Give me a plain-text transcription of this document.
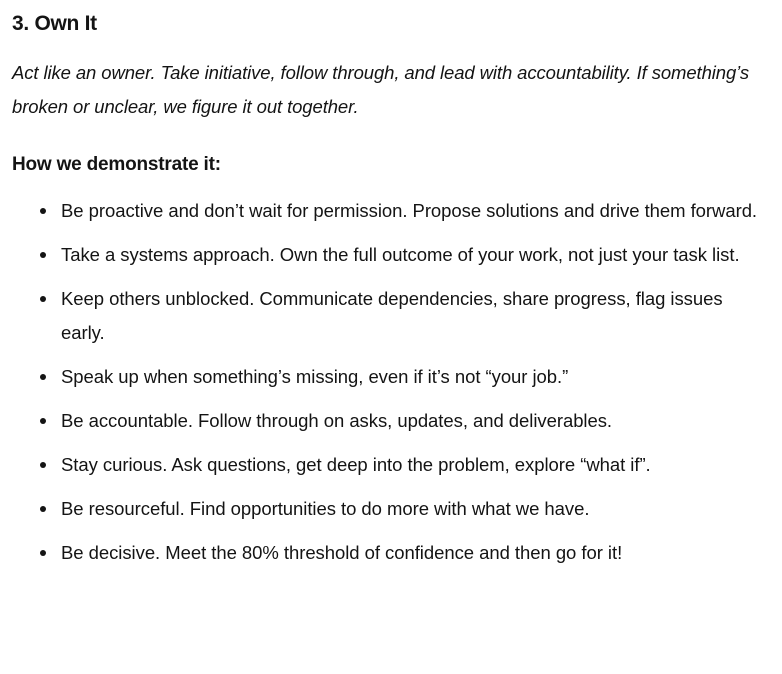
3. Own It

Act like an owner. Take initiative, follow through, and lead with accountability. If something’s broken or unclear, we figure it out together.

How we demonstrate it:

Be proactive and don’t wait for permission. Propose solutions and drive them forward.
Take a systems approach. Own the full outcome of your work, not just your task list.
Keep others unblocked. Communicate dependencies, share progress, flag issues early.
Speak up when something’s missing, even if it’s not “your job.”
Be accountable. Follow through on asks, updates, and deliverables.
Stay curious. Ask questions, get deep into the problem, explore “what if”.
Be resourceful. Find opportunities to do more with what we have.
Be decisive. Meet the 80% threshold of confidence and then go for it!
